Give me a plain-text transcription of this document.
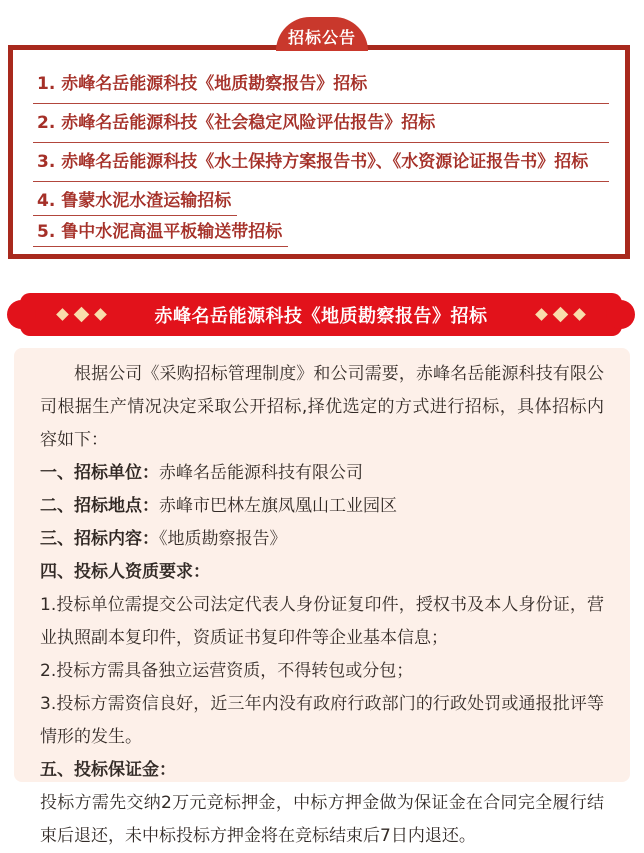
招标公告
1. 赤峰名岳能源科技《地质勘察报告》招标
2. 赤峰名岳能源科技《社会稳定风险评估报告》招标
3. 赤峰名岳能源科技《水土保持方案报告书》、《水资源论证报告书》招标
4. 鲁蒙水泥水渣运输招标
5. 鲁中水泥高温平板输送带招标
赤峰名岳能源科技《地质勘察报告》招标

根据公司《采购招标管理制度》和公司需要，赤峰名岳能源科技有限公司根据生产情况决定采取公开招标,择优选定的方式进行招标，具体招标内容如下：

一、招标单位：赤峰名岳能源科技有限公司

二、招标地点：赤峰市巴林左旗凤凰山工业园区

三、招标内容：《地质勘察报告》

四、投标人资质要求：

1.投标单位需提交公司法定代表人身份证复印件，授权书及本人身份证，营业执照副本复印件，资质证书复印件等企业基本信息；

2.投标方需具备独立运营资质，不得转包或分包；

3.投标方需资信良好，近三年内没有政府行政部门的行政处罚或通报批评等情形的发生。

五、投标保证金：

投标方需先交纳2万元竞标押金，中标方押金做为保证金在合同完全履行结束后退还，未中标投标方押金将在竞标结束后7日内退还。
